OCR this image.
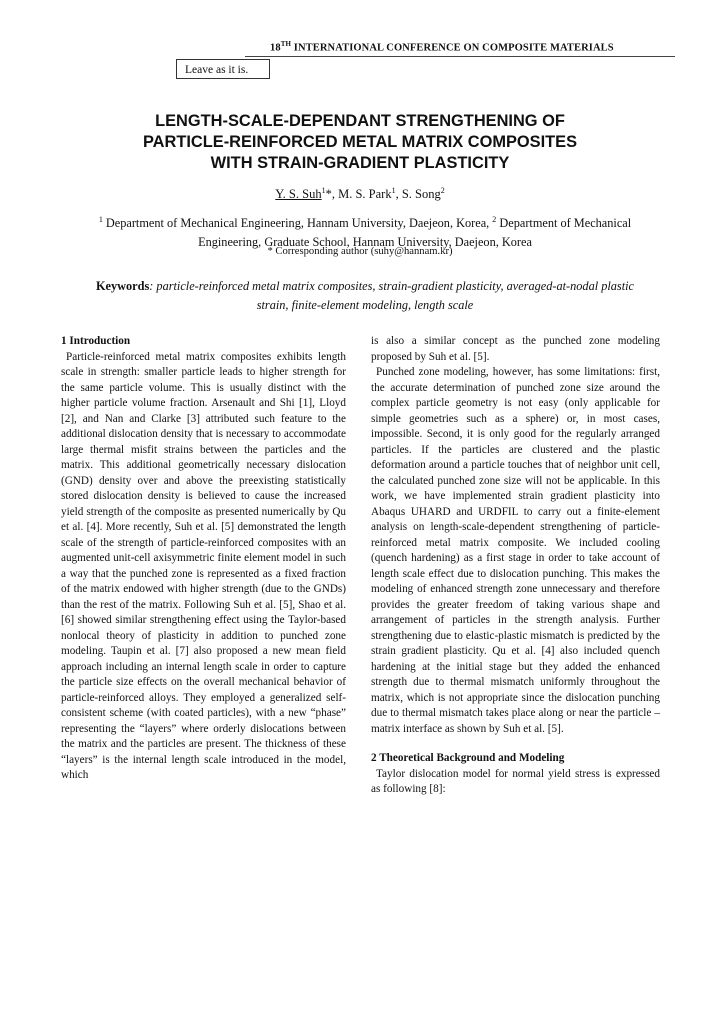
18TH INTERNATIONAL CONFERENCE ON COMPOSITE MATERIALS
Leave as it is.
LENGTH-SCALE-DEPENDANT STRENGTHENING OF
PARTICLE-REINFORCED METAL MATRIX COMPOSITES
WITH STRAIN-GRADIENT PLASTICITY
Y. S. Suh$^1$*, M. S. Park$^1$, S. Song$^2$
$^1$ Department of Mechanical Engineering, Hannam University, Daejeon, Korea, $^2$ Department of Mechanical Engineering, Graduate School, Hannam University, Daejeon, Korea
* Corresponding author (suhy@hannam.kr)
Keywords: particle-reinforced metal matrix composites, strain-gradient plasticity, averaged-at-nodal plastic strain, finite-element modeling, length scale

1 Introduction

Particle-reinforced metal matrix composites exhibits length scale in strength: smaller particle leads to higher strength for the same particle volume. This is usually distinct with the higher particle volume fraction. Arsenault and Shi [1], Lloyd [2], and Nan and Clarke [3] attributed such feature to the additional dislocation density that is necessary to accommodate large thermal misfit strains between the particles and the matrix. This additional geometrically necessary dislocation (GND) density over and above the preexisting statistically stored dislocation density is believed to cause the increased yield strength of the composite as presented numerically by Qu et al. [4]. More recently, Suh et al. [5] demonstrated the length scale of the strength of particle-reinforced composites with an augmented unit-cell axisymmetric finite element model in such a way that the punched zone is represented as a fixed fraction of the matrix endowed with higher strength (due to the GNDs) than the rest of the matrix. Following Suh et al. [5], Shao et al. [6] showed similar strengthening effect using the Taylor-based nonlocal theory of plasticity in addition to punched zone modeling. Taupin et al. [7] also proposed a new mean field approach including an internal length scale in order to capture the particle size effects on the overall mechanical behavior of particle-reinforced alloys. They employed a generalized self-consistent scheme (with coated particles), with a new “phase” representing the “layers” where orderly dislocations between the matrix and the particles are present. The thickness of these “layers” is the internal length scale introduced in the model, which

is also a similar concept as the punched zone modeling proposed by Suh et al. [5].

Punched zone modeling, however, has some limitations: first, the accurate determination of punched zone size around the complex particle geometry is not easy (only applicable for simple geometries such as a sphere) or, in most cases, impossible. Second, it is only good for the regularly arranged particles. If the particles are clustered and the plastic deformation around a particle touches that of neighbor unit cell, the calculated punched zone size will not be applicable. In this work, we have implemented strain gradient plasticity into Abaqus UHARD and URDFIL to carry out a finite-element analysis on length-scale-dependent strengthening of particle-reinforced metal matrix composite. We included cooling (quench hardening) as a first stage in order to take account of length scale effect due to dislocation punching. This makes the modeling of enhanced strength zone unnecessary and therefore provides the greater freedom of taking various shape and arrangement of particles in the strength analysis. Further strengthening due to elastic-plastic mismatch is predicted by the strain gradient plasticity. Qu et al. [4] also included quench hardening at the initial stage but they added the enhanced strength due to thermal mismatch uniformly throughout the matrix, which is not appropriate since the dislocation punching due to thermal mismatch takes place along or near the particle – matrix interface as shown by Suh et al. [5].

2 Theoretical Background and Modeling

Taylor dislocation model for normal yield stress is expressed as following [8]:
